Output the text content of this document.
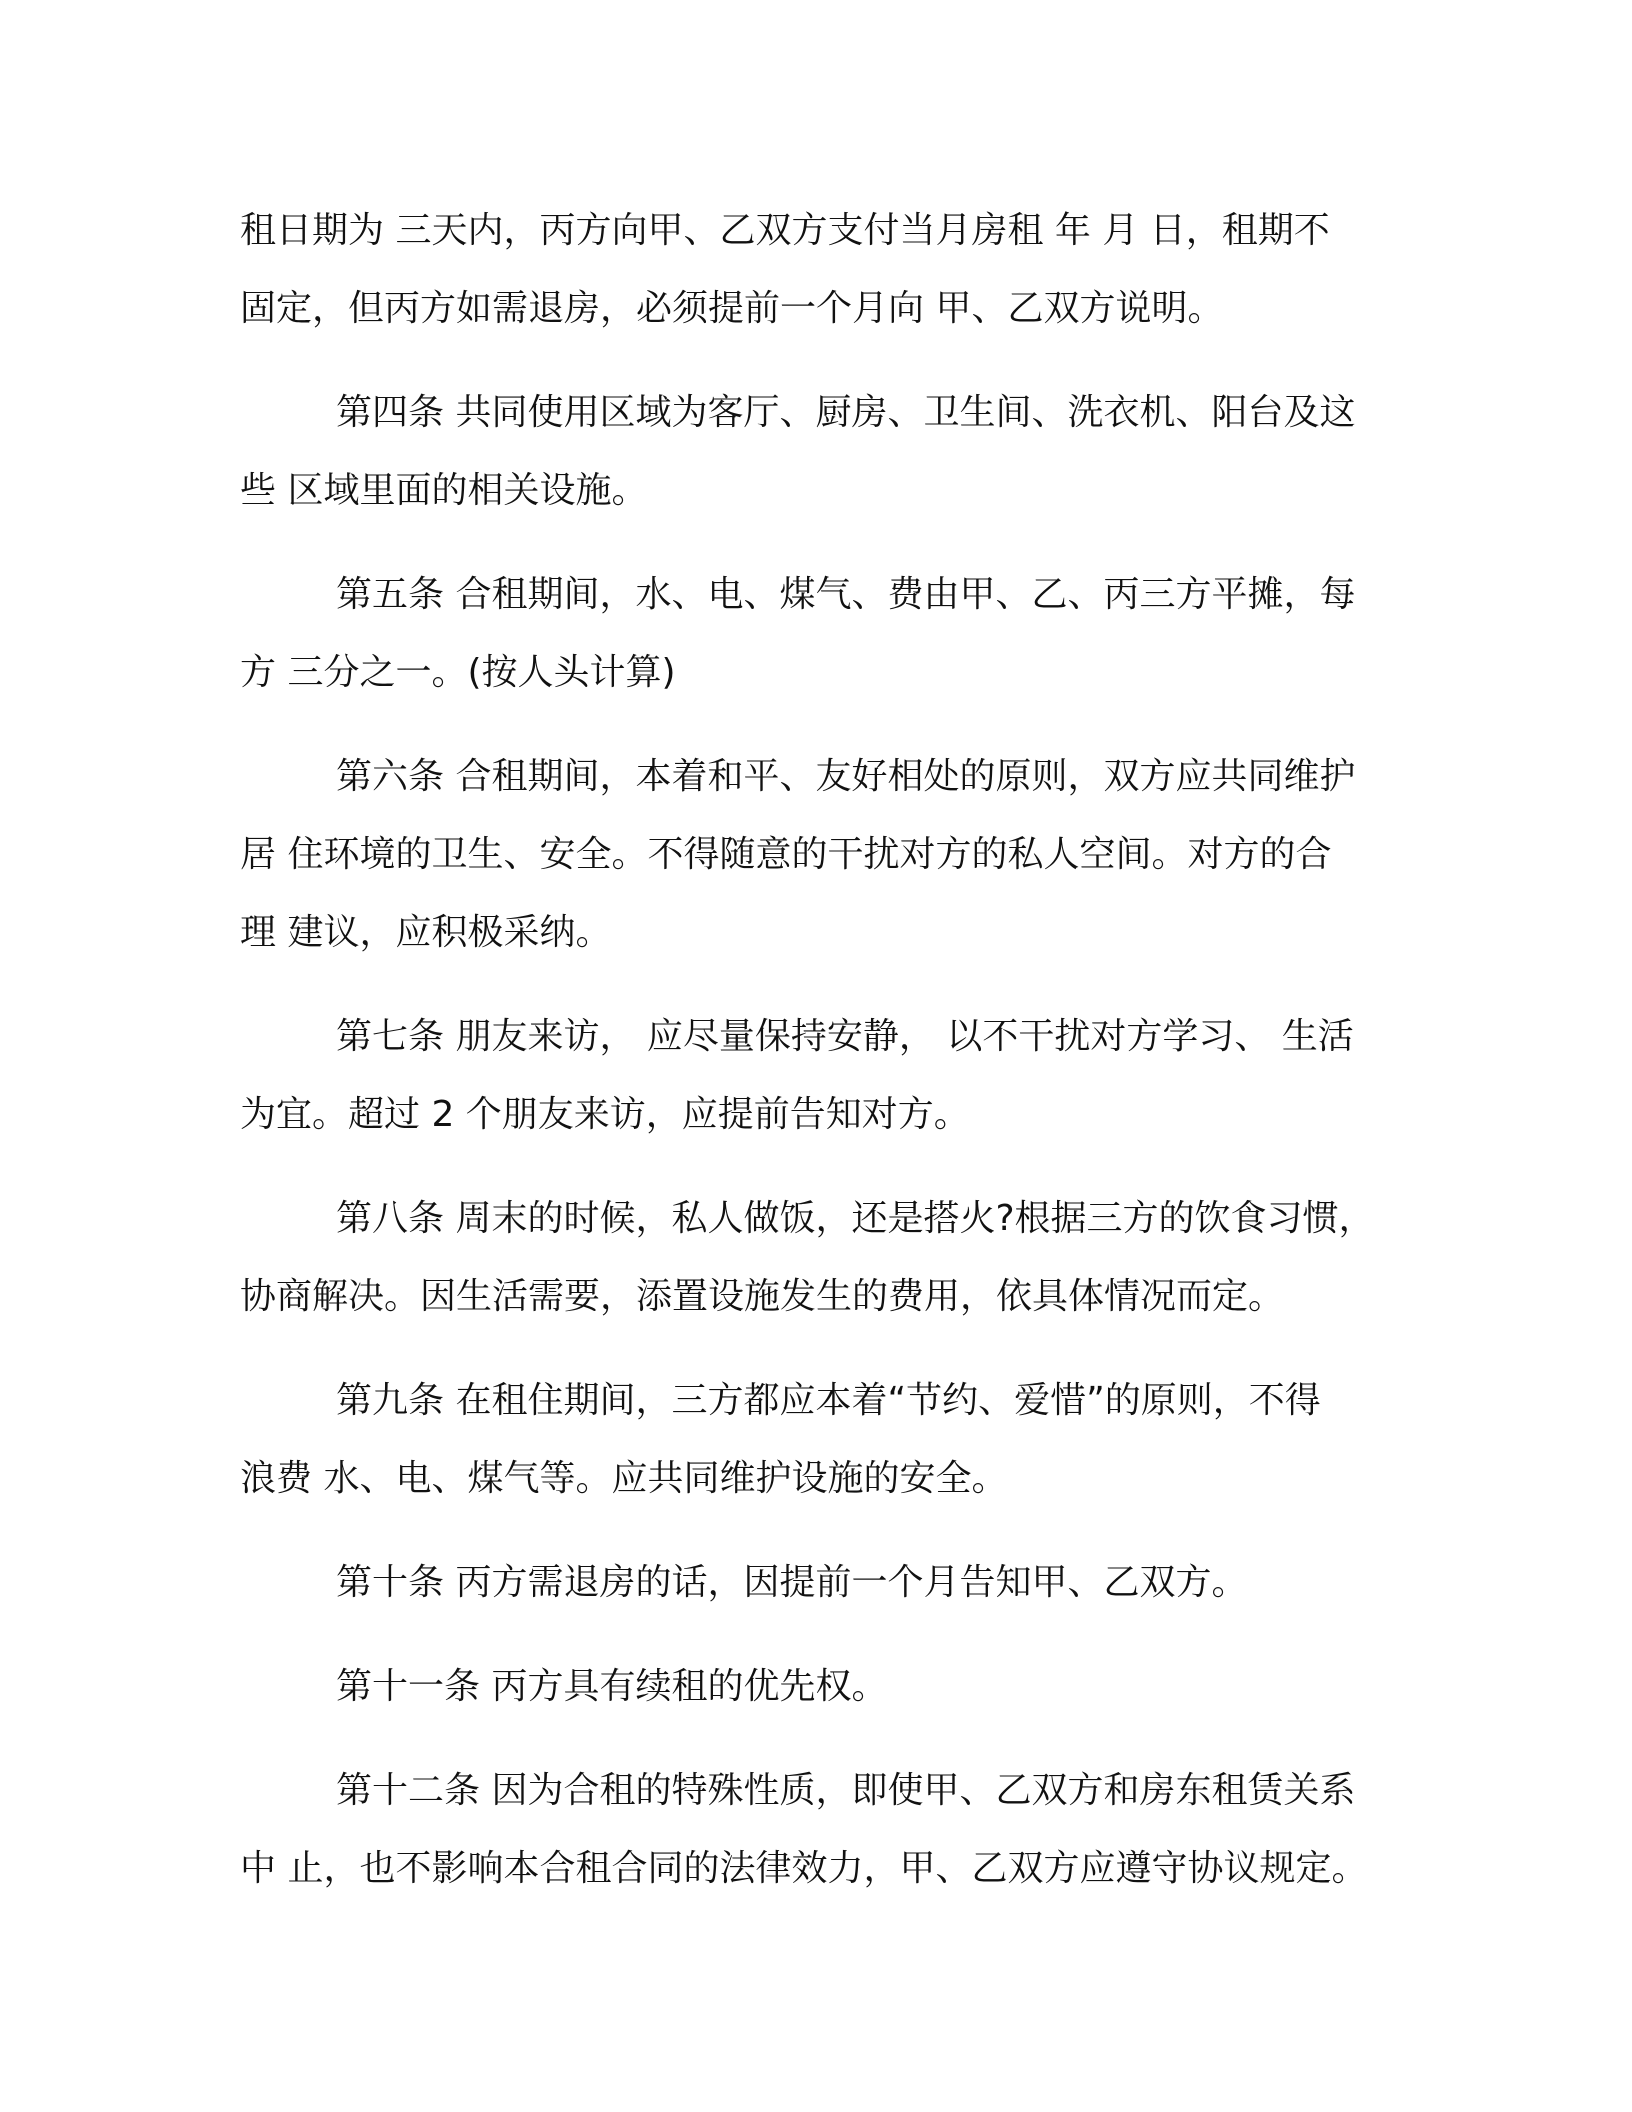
租日期为 三天内，丙方向甲、乙双方支付当月房租 年 月 日，租期不
固定，但丙方如需退房，必须提前一个月向 甲、乙双方说明。

第四条 共同使用区域为客厅、厨房、卫生间、洗衣机、阳台及这
些 区域里面的相关设施。

第五条 合租期间，水、电、煤气、费由甲、乙、丙三方平摊，每
方 三分之一。(按人头计算)

第六条 合租期间，本着和平、友好相处的原则，双方应共同维护
居 住环境的卫生、安全。不得随意的干扰对方的私人空间。对方的合
理 建议，应积极采纳。

第七条 朋友来访， 应尽量保持安静， 以不干扰对方学习、 生活
为宜。超过 2 个朋友来访，应提前告知对方。

第八条 周末的时候，私人做饭，还是搭火?根据三方的饮食习惯，
协商解决。因生活需要，添置设施发生的费用，依具体情况而定。

第九条 在租住期间，三方都应本着“节约、爱惜”的原则，不得
浪费 水、电、煤气等。应共同维护设施的安全。

第十条 丙方需退房的话，因提前一个月告知甲、乙双方。

第十一条 丙方具有续租的优先权。

第十二条 因为合租的特殊性质，即使甲、乙双方和房东租赁关系
中 止，也不影响本合租合同的法律效力，甲、乙双方应遵守协议规定。
